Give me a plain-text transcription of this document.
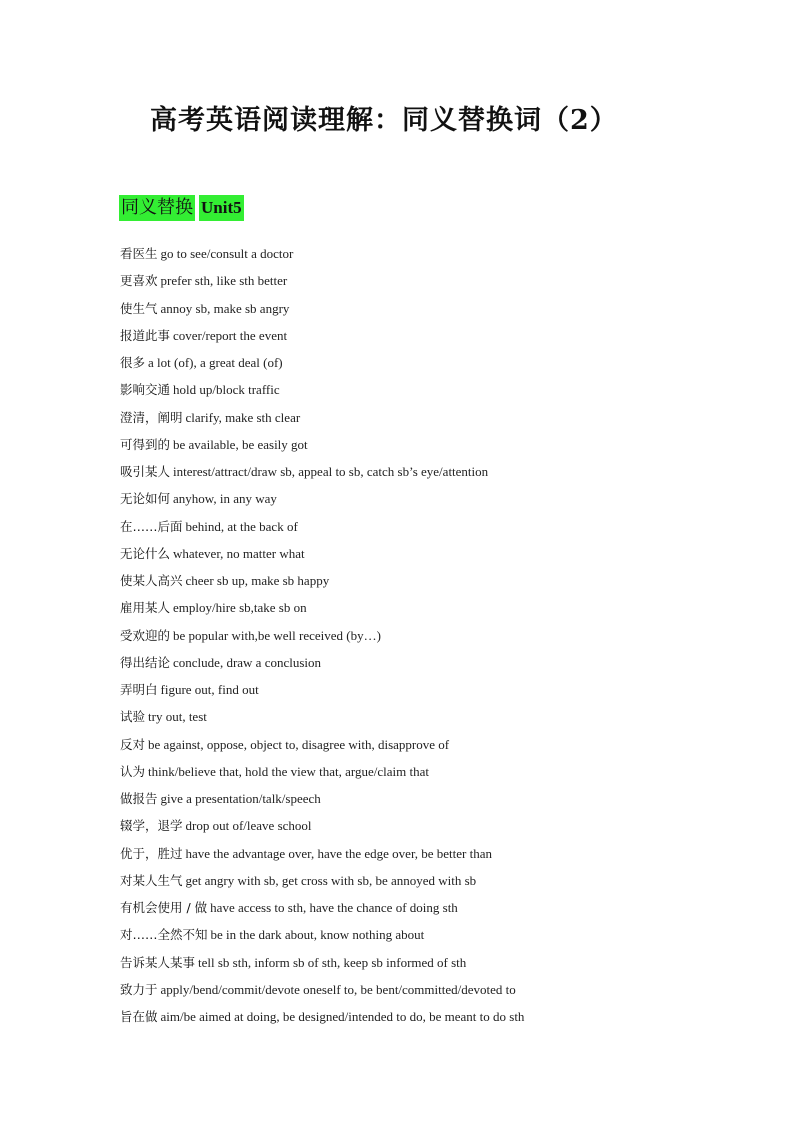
高考英语阅读理解：同义替换词（2）
同义替换 Unit5
看医生 go to see/consult a doctor
更喜欢 prefer sth, like sth better
使生气 annoy sb, make sb angry
报道此事 cover/report the event
很多 a lot (of), a great deal (of)
影响交通 hold up/block traffic
澄清，阐明 clarify, make sth clear
可得到的 be available, be easily got
吸引某人 interest/attract/draw sb, appeal to sb, catch sb’s eye/attention
无论如何 anyhow, in any way
在……后面 behind, at the back of
无论什么 whatever, no matter what
使某人高兴 cheer sb up, make sb happy
雇用某人 employ/hire sb,take sb on
受欢迎的 be popular with,be well received (by…)
得出结论 conclude, draw a conclusion
弄明白 figure out, find out
试验 try out, test
反对 be against, oppose, object to, disagree with, disapprove of
认为 think/believe that, hold the view that, argue/claim that
做报告 give a presentation/talk/speech
辍学，退学 drop out of/leave school
优于，胜过 have the advantage over, have the edge over, be better than
对某人生气 get angry with sb, get cross with sb, be annoyed with sb
有机会使用 / 做 have access to sth, have the chance of doing sth
对……全然不知 be in the dark about, know nothing about
告诉某人某事 tell sb sth, inform sb of sth, keep sb informed of sth
致力于 apply/bend/commit/devote oneself to, be bent/committed/devoted to
旨在做 aim/be aimed at doing, be designed/intended to do, be meant to do sth
